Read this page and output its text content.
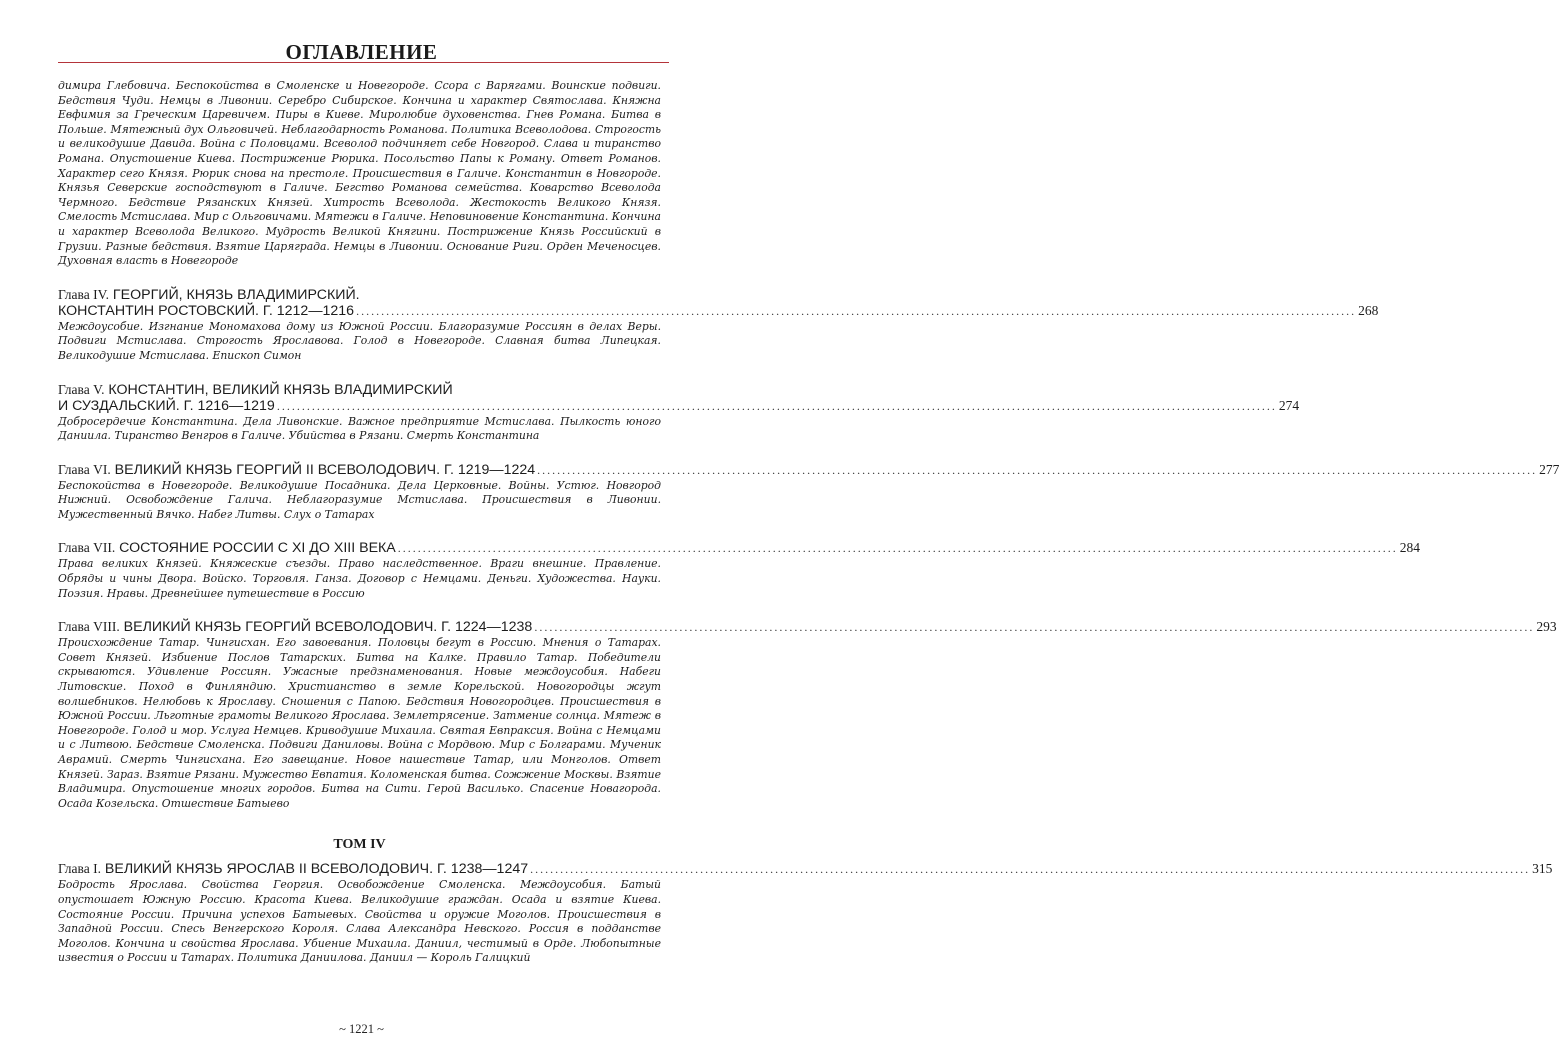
ОГЛАВЛЕНИЕ

димира Глебовича. Беспокойства в Смоленске и Новегороде. Ссора с Варягами. Воинские подвиги. Бедствия Чуди. Немцы в Ливонии. Серебро Сибирское. Кончина и характер Святослава. Княжна Евфимия за Греческим Царевичем. Пиры в Киеве. Миролюбие духовенства. Гнев Романа. Битва в Польше. Мятежный дух Ольговичей. Неблагодарность Романова. Политика Всеволодова. Строгость и великодушие Давида. Война с Половцами. Всеволод подчиняет себе Новгород. Слава и тиранство Романа. Опустошение Киева. Пострижение Рюрика. Посольство Папы к Роману. Ответ Романов. Характер сего Князя. Рюрик снова на престоле. Происшествия в Галиче. Константин в Новгороде. Князья Северские господствуют в Галиче. Бегство Романова семейства. Коварство Всеволода Чермного. Бедствие Рязанских Князей. Хитрость Всеволода. Жестокость Великого Князя. Смелость Мстислава. Мир с Ольговичами. Мятежи в Галиче. Неповиновение Константина. Кончина и характер Всеволода Великого. Мудрость Великой Княгини. Пострижение Князь Российский в Грузии. Разные бедствия. Взятие Царяграда. Немцы в Ливонии. Основание Риги. Орден Меченосцев. Духовная власть в Новегороде

Глава IV. ГЕОРГИЙ, КНЯЗЬ ВЛАДИМИРСКИЙ.
КОНСТАНТИН РОСТОВСКИЙ. Г. 1212—1216 ........................................................................................................................................................................................................ 268

Междоусобие. Изгнание Мономахова дому из Южной России. Благоразумие Россиян в делах Веры. Подвиги Мстислава. Строгость Ярославова. Голод в Новегороде. Славная битва Липецкая. Великодушие Мстислава. Епископ Симон

Глава V. КОНСТАНТИН, ВЕЛИКИЙ КНЯЗЬ ВЛАДИМИРСКИЙ
И СУЗДАЛЬСКИЙ. Г. 1216—1219 ........................................................................................................................................................................................................ 274

Добросердечие Константина. Дела Ливонские. Важное предприятие Мстислава. Пылкость юного Даниила. Тиранство Венгров в Галиче. Убийства в Рязани. Смерть Константина

Глава VI. ВЕЛИКИЙ КНЯЗЬ ГЕОРГИЙ II ВСЕВОЛОДОВИЧ. Г. 1219—1224 ........................................................................................................................................................................................................ 277

Беспокойства в Новегороде. Великодушие Посадника. Дела Церковные. Войны. Устюг. Новгород Нижний. Освобождение Галича. Неблагоразумие Мстислава. Происшествия в Ливонии. Мужественный Вячко. Набег Литвы. Слух о Татарах

Глава VII. СОСТОЯНИЕ РОССИИ С XI ДО XIII ВЕКА ........................................................................................................................................................................................................ 284

Права великих Князей. Княжеские съезды. Право наследственное. Враги внешние. Правление. Обряды и чины Двора. Войско. Торговля. Ганза. Договор с Немцами. Деньги. Художества. Науки. Поэзия. Нравы. Древнейшее путешествие в Россию

Глава VIII. ВЕЛИКИЙ КНЯЗЬ ГЕОРГИЙ ВСЕВОЛОДОВИЧ. Г. 1224—1238 ........................................................................................................................................................................................................ 293

Происхождение Татар. Чингисхан. Его завоевания. Половцы бегут в Россию. Мнения о Татарах. Совет Князей. Избиение Послов Татарских. Битва на Калке. Правило Татар. Победители скрываются. Удивление Россиян. Ужасные предзнаменования. Новые междоусобия. Набеги Литовские. Поход в Финляндию. Христианство в земле Корельской. Новогородцы жгут волшебников. Нелюбовь к Ярославу. Сношения с Папою. Бедствия Новогородцев. Происшествия в Южной России. Льготные грамоты Великого Ярослава. Землетрясение. Затмение солнца. Мятеж в Новегороде. Голод и мор. Услуга Немцев. Криводушие Михаила. Святая Евпраксия. Война с Немцами и с Литвою. Бедствие Смоленска. Подвиги Даниловы. Война с Мордвою. Мир с Болгарами. Мученик Аврамий. Смерть Чингисхана. Его завещание. Новое нашествие Татар, или Монголов. Ответ Князей. Зараз. Взятие Рязани. Мужество Евпатия. Коломенская битва. Сожжение Москвы. Взятие Владимира. Опустошение многих городов. Битва на Сити. Герой Василько. Спасение Новагорода. Осада Козельска. Отшествие Батыево

ТОМ IV
Глава I. ВЕЛИКИЙ КНЯЗЬ ЯРОСЛАВ II ВСЕВОЛОДОВИЧ. Г. 1238—1247 ........................................................................................................................................................................................................ 315

Бодрость Ярослава. Свойства Георгия. Освобождение Смоленска. Междоусобия. Батый опустошает Южную Россию. Красота Киева. Великодушие граждан. Осада и взятие Киева. Состояние России. Причина успехов Батыевых. Свойства и оружие Моголов. Происшествия в Западной России. Спесь Венгерского Короля. Слава Александра Невского. Россия в подданстве Моголов. Кончина и свойства Ярослава. Убиение Михаила. Даниил, честимый в Орде. Любопытные известия о России и Татарах. Политика Даниилова. Даниил — Король Галицкий

~ 1221 ~
